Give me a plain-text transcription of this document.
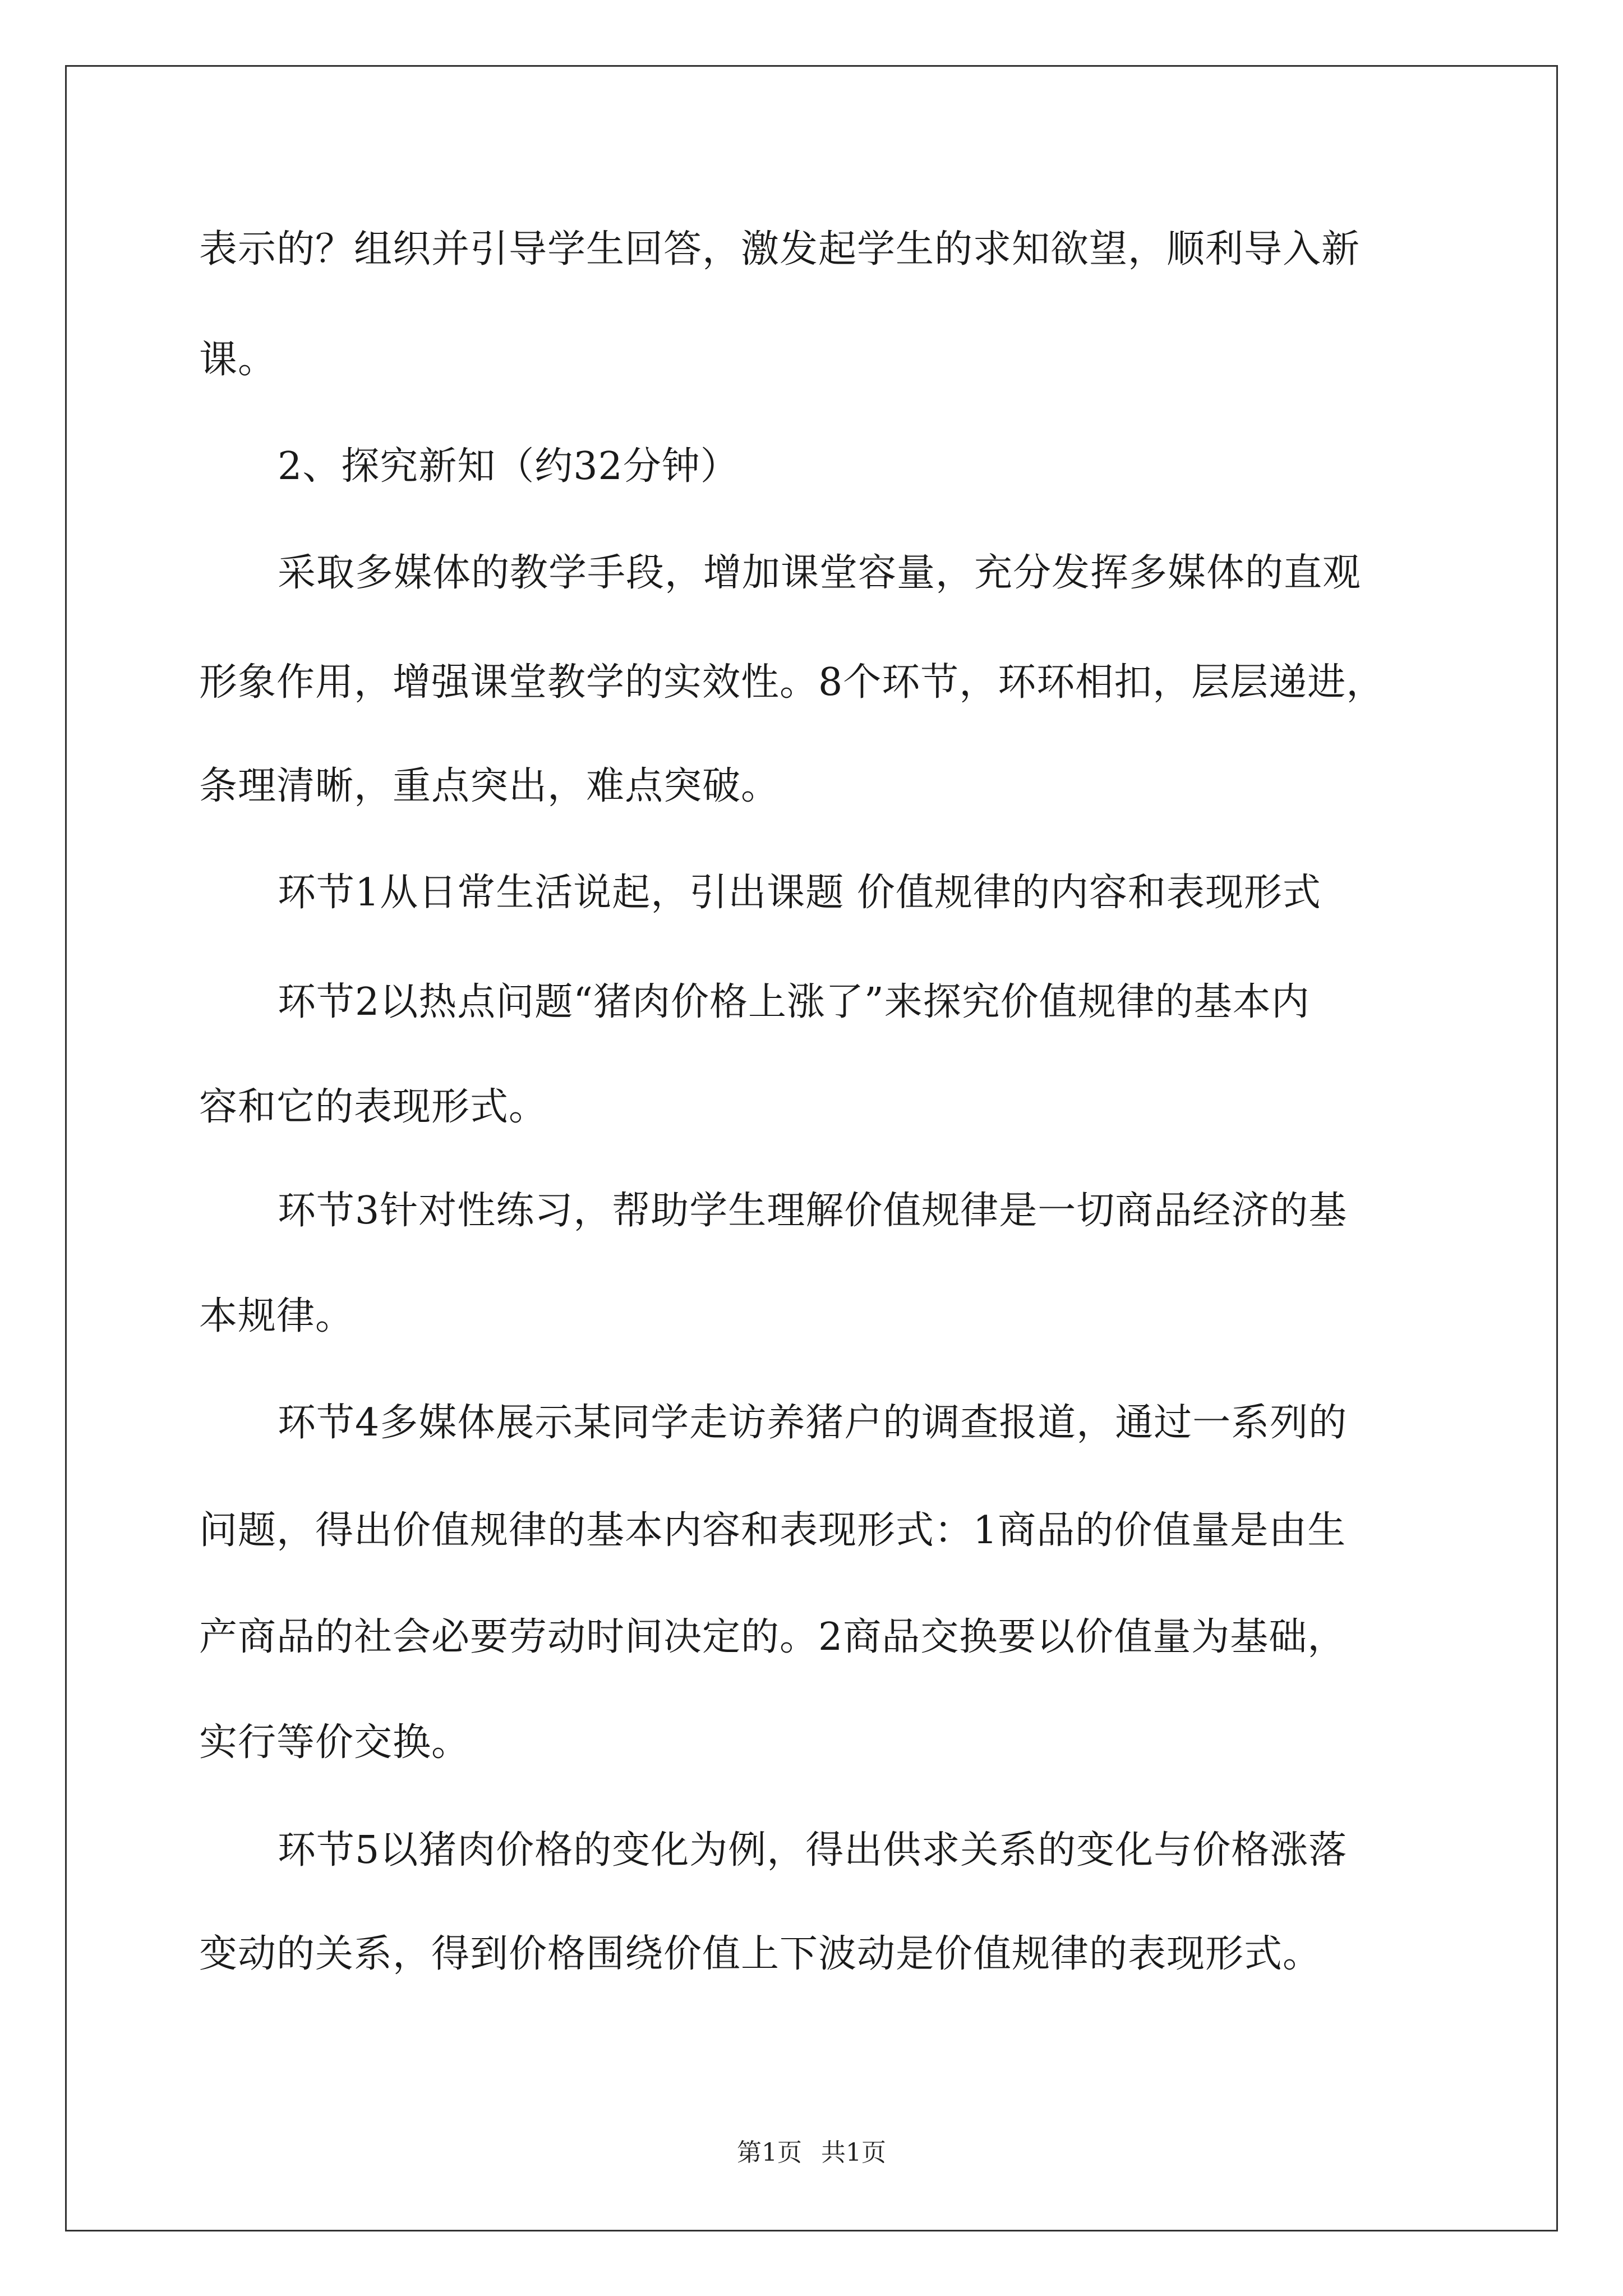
表示的？组织并引导学生回答，激发起学生的求知欲望，顺利导入新
课。
2、探究新知（约32分钟）
采取多媒体的教学手段，增加课堂容量，充分发挥多媒体的直观
形象作用，增强课堂教学的实效性。8个环节，环环相扣，层层递进，
条理清晰，重点突出，难点突破。
环节1从日常生活说起，引出课题 价值规律的内容和表现形式
环节2以热点问题“猪肉价格上涨了”来探究价值规律的基本内
容和它的表现形式。
环节3针对性练习，帮助学生理解价值规律是一切商品经济的基
本规律。
环节4多媒体展示某同学走访养猪户的调查报道，通过一系列的
问题，得出价值规律的基本内容和表现形式：1商品的价值量是由生
产商品的社会必要劳动时间决定的。2商品交换要以价值量为基础，
实行等价交换。
环节5以猪肉价格的变化为例，得出供求关系的变化与价格涨落
变动的关系，得到价格围绕价值上下波动是价值规律的表现形式。
第1页 共1页
